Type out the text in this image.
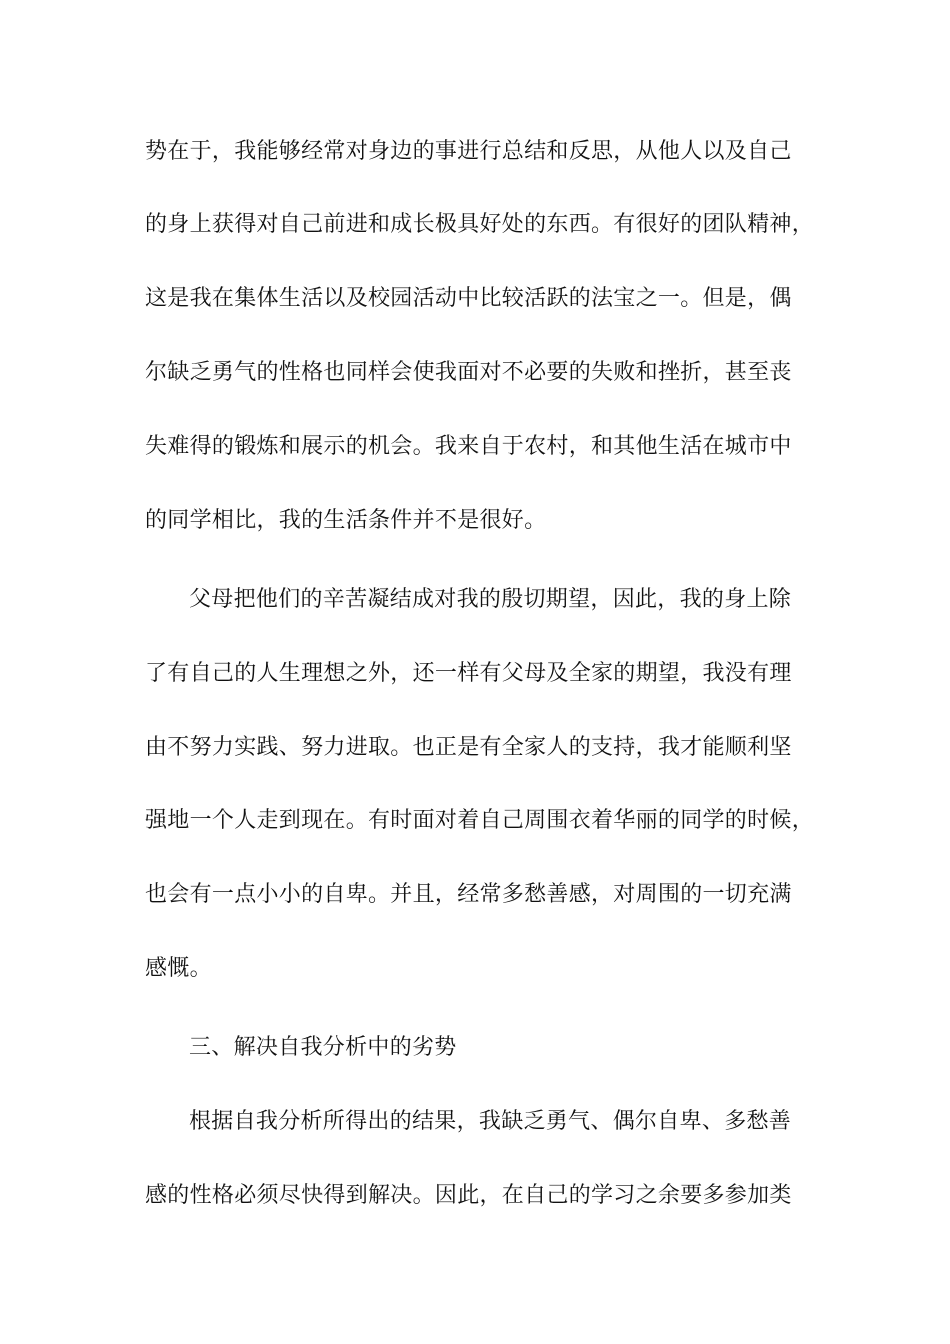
势在于，我能够经常对身边的事进行总结和反思，从他人以及自己
的身上获得对自己前进和成长极具好处的东西。有很好的团队精神，
这是我在集体生活以及校园活动中比较活跃的法宝之一。但是，偶
尔缺乏勇气的性格也同样会使我面对不必要的失败和挫折，甚至丧
失难得的锻炼和展示的机会。我来自于农村，和其他生活在城市中
的同学相比，我的生活条件并不是很好。
父母把他们的辛苦凝结成对我的殷切期望，因此，我的身上除
了有自己的人生理想之外，还一样有父母及全家的期望，我没有理
由不努力实践、努力进取。也正是有全家人的支持，我才能顺利坚
强地一个人走到现在。有时面对着自己周围衣着华丽的同学的时候，
也会有一点小小的自卑。并且，经常多愁善感，对周围的一切充满
感慨。
三、解决自我分析中的劣势
根据自我分析所得出的结果，我缺乏勇气、偶尔自卑、多愁善
感的性格必须尽快得到解决。因此，在自己的学习之余要多参加类
